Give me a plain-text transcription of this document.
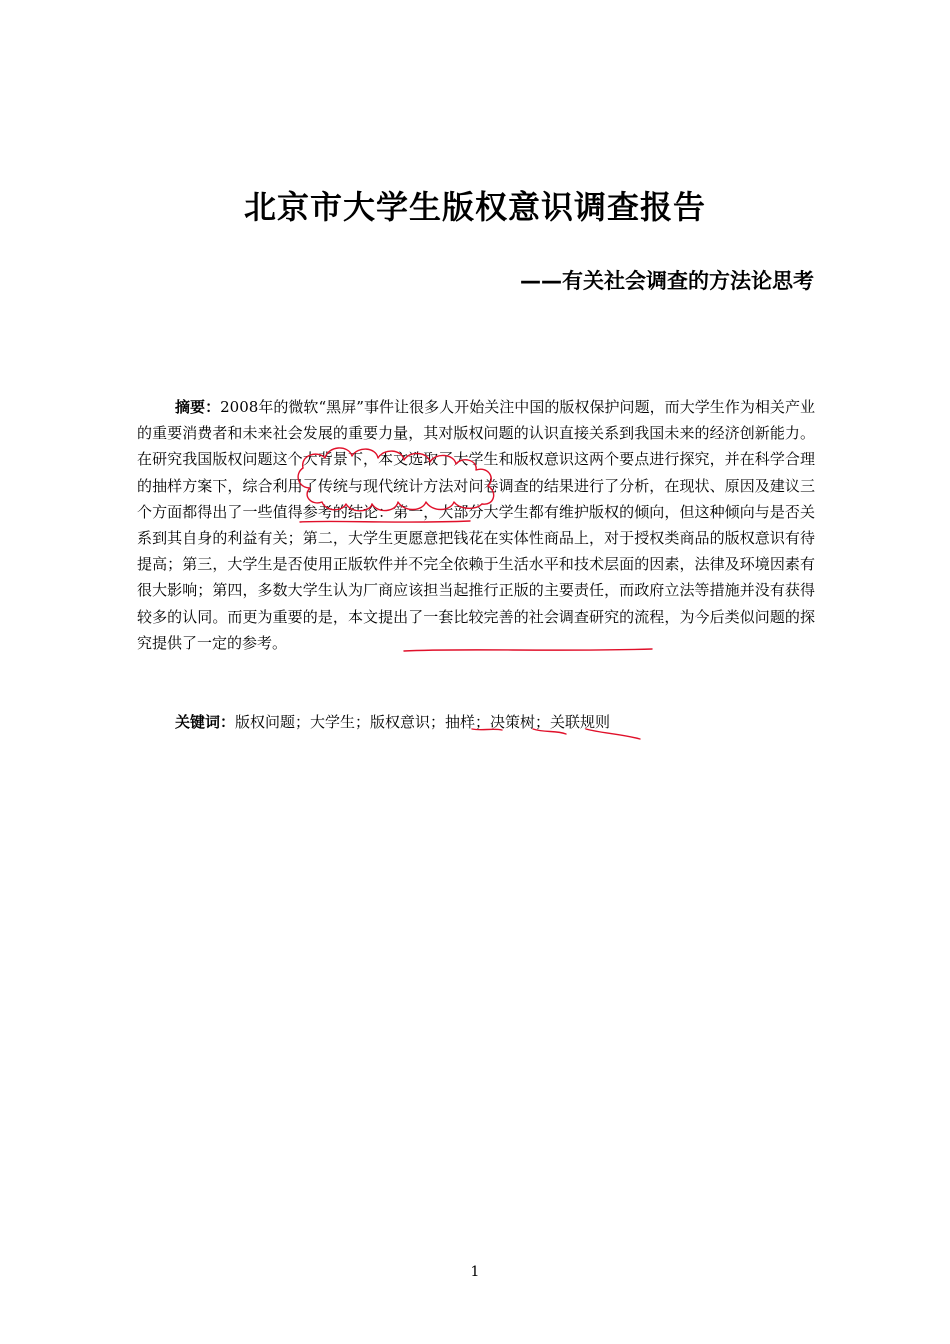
北京市大学生版权意识调查报告
——有关社会调查的方法论思考

摘要：2008年的微软“黑屏”事件让很多人开始关注中国的版权保护问题，而大学生作为相关产业的重要消费者和未来社会发展的重要力量，其对版权问题的认识直接关系到我国未来的经济创新能力。在研究我国版权问题这个大背景下，本文选取了大学生和版权意识这两个要点进行探究，并在科学合理的抽样方案下，综合利用了传统与现代统计方法对问卷调查的结果进行了分析，在现状、原因及建议三个方面都得出了一些值得参考的结论：第一，大部分大学生都有维护版权的倾向，但这种倾向与是否关系到其自身的利益有关；第二，大学生更愿意把钱花在实体性商品上，对于授权类商品的版权意识有待提高；第三，大学生是否使用正版软件并不完全依赖于生活水平和技术层面的因素，法律及环境因素有很大影响；第四，多数大学生认为厂商应该担当起推行正版的主要责任，而政府立法等措施并没有获得较多的认同。而更为重要的是，本文提出了一套比较完善的社会调查研究的流程，为今后类似问题的探究提供了一定的参考。

关键词：版权问题；大学生；版权意识；抽样；决策树；关联规则
1
